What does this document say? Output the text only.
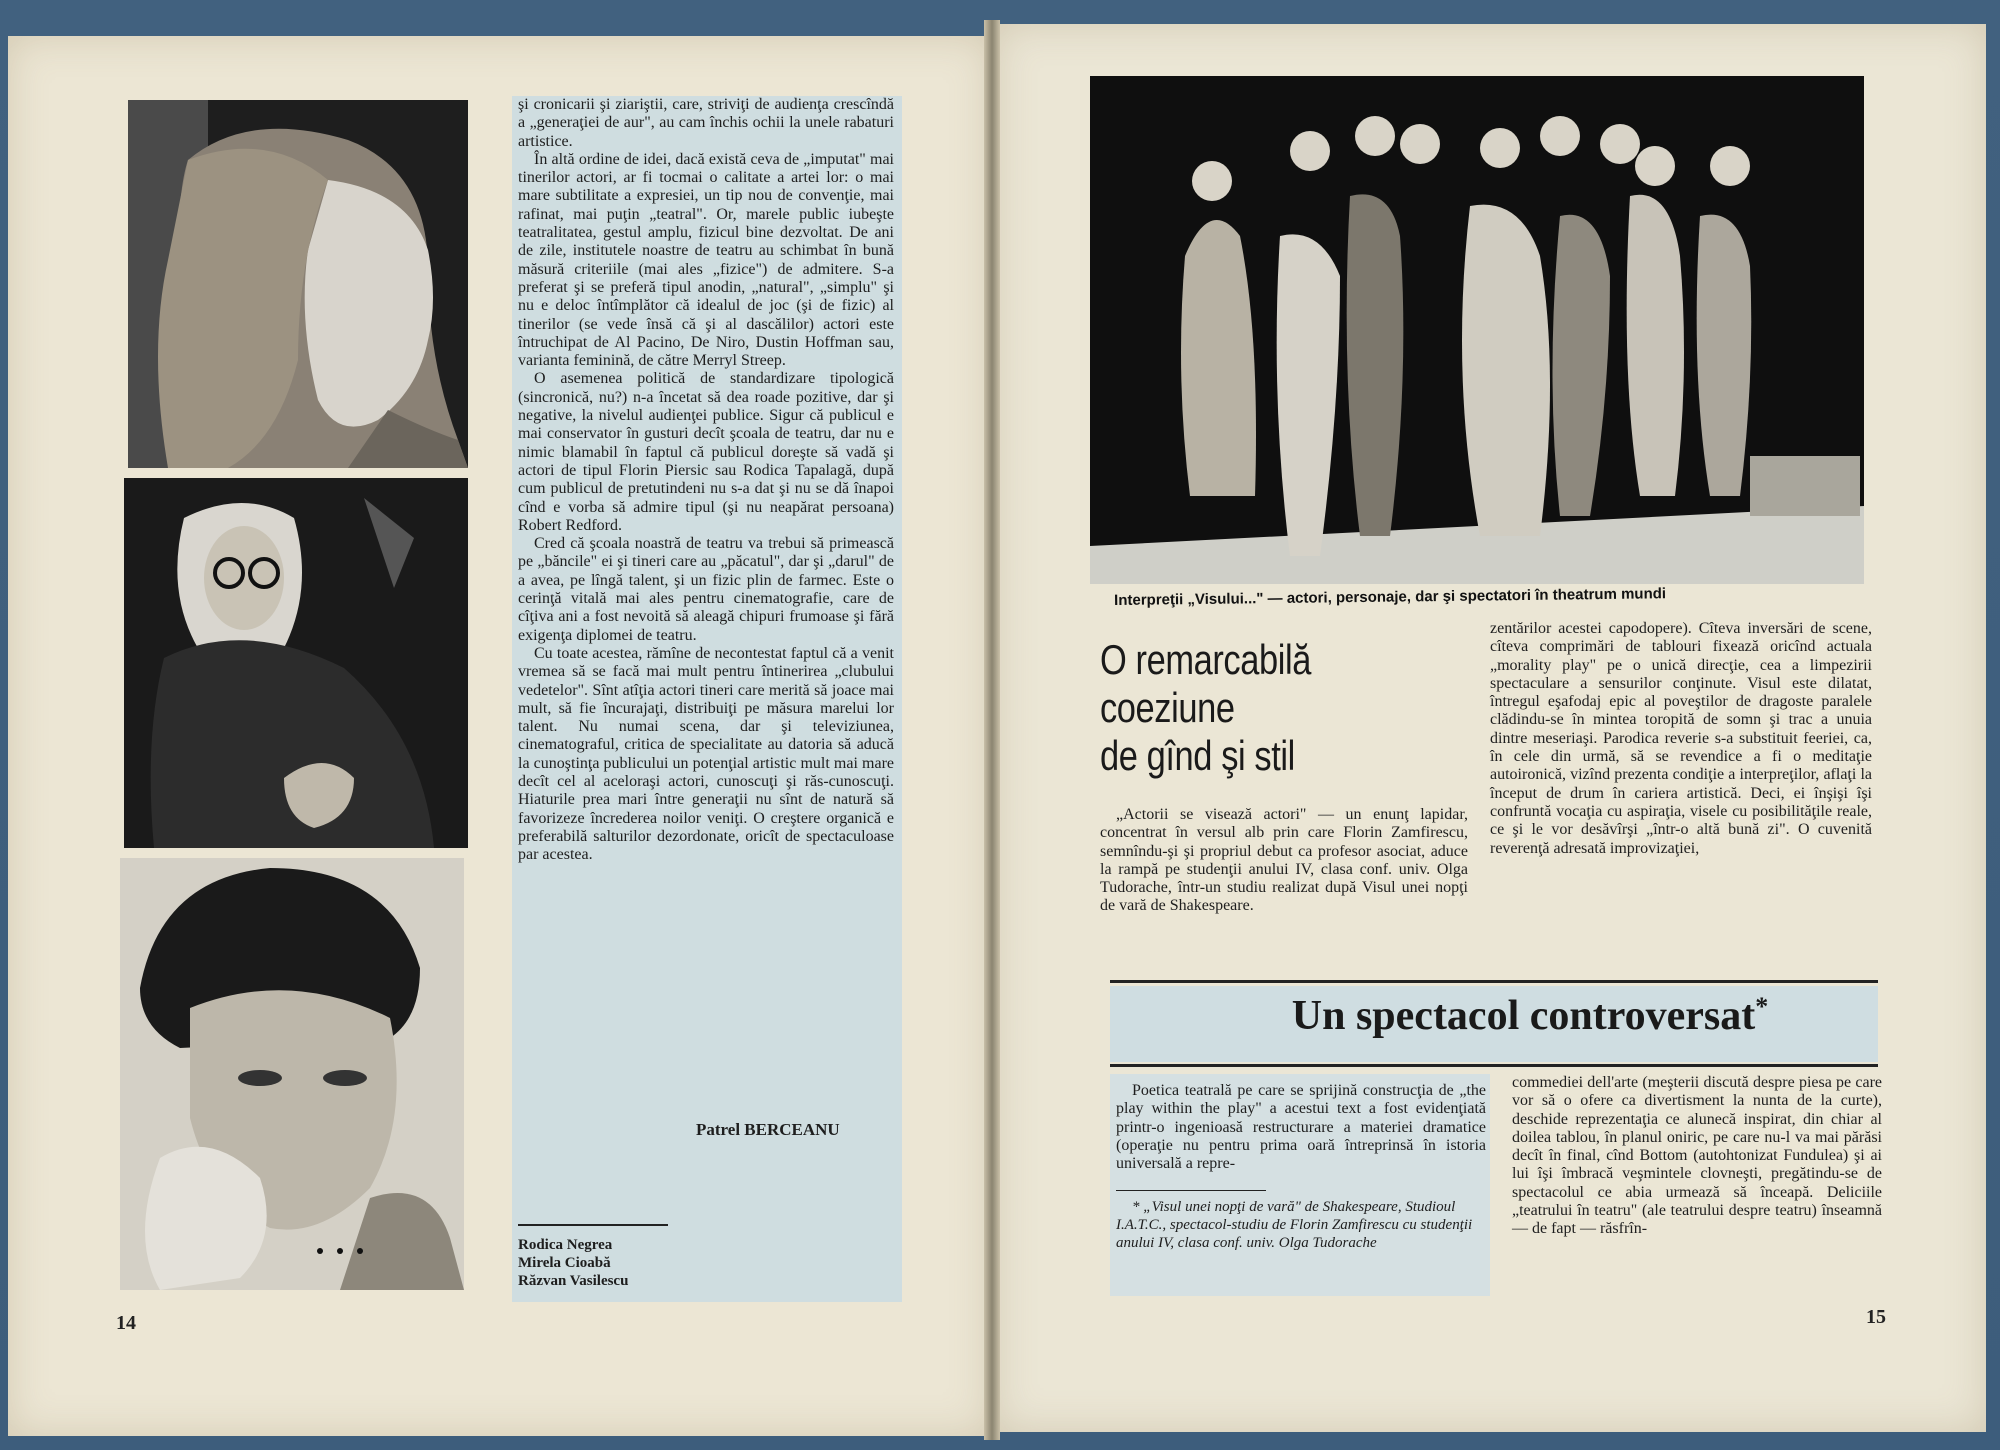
şi cronicarii şi ziariştii, care, striviţi de audienţa crescîndă a „generaţiei de aur", au cam închis ochii la unele rabaturi artistice.

În altă ordine de idei, dacă există ceva de „imputat" mai tinerilor actori, ar fi tocmai o calitate a artei lor: o mai mare subtilitate a expresiei, un tip nou de convenţie, mai rafinat, mai puţin „teatral". Or, marele public iubeşte teatralitatea, gestul amplu, fizicul bine dezvoltat. De ani de zile, institutele noastre de teatru au schimbat în bună măsură criteriile (mai ales „fizice") de admitere. S-a preferat şi se preferă tipul anodin, „natural", „simplu" şi nu e deloc întîmplător că idealul de joc (şi de fizic) al tinerilor (se vede însă că şi al dascălilor) actori este întruchipat de Al Pacino, De Niro, Dustin Hoffman sau, varianta feminină, de către Merryl Streep.

O asemenea politică de standardizare tipologică (sincronică, nu?) n-a încetat să dea roade pozitive, dar şi negative, la nivelul audienţei publice. Sigur că publicul e mai conservator în gusturi decît şcoala de teatru, dar nu e nimic blamabil în faptul că publicul doreşte să vadă şi actori de tipul Florin Piersic sau Rodica Tapalagă, după cum publicul de pretutindeni nu s-a dat şi nu se dă înapoi cînd e vorba să admire tipul (şi nu neapărat persoana) Robert Redford.

Cred că şcoala noastră de teatru va trebui să primească pe „băncile" ei şi tineri care au „păcatul", dar şi „darul" de a avea, pe lîngă talent, şi un fizic plin de farmec. Este o cerinţă vitală mai ales pentru cinematografie, care de cîţiva ani a fost nevoită să aleagă chipuri frumoase şi fără exigenţa diplomei de teatru.

Cu toate acestea, rămîne de necontestat faptul că a venit vremea să se facă mai mult pentru întinerirea „clubului vedetelor". Sînt atîţia actori tineri care merită să joace mai mult, să fie încurajaţi, distribuiţi pe măsura marelui lor talent. Nu numai scena, dar şi televiziunea, cinematograful, critica de specialitate au datoria să aducă la cunoştinţa publicului un potenţial artistic mult mai mare decît cel al aceloraşi actori, cunoscuţi şi răs-cunoscuţi. Hiaturile prea mari între generaţii nu sînt de natură să favorizeze încrederea noilor veniţi. O creştere organică e preferabilă salturilor dezordonate, oricît de spectaculoase par acestea.

Patrel BERCEANU
Rodica Negrea
Mirela Cioabă
Răzvan Vasilescu
14
Interpreţii „Visului..." — actori, personaje, dar şi spectatori în theatrum mundi
O remarcabilă
coeziune
de gînd şi stil

„Actorii se visează actori" — un enunţ lapidar, concentrat în versul alb prin care Florin Zamfirescu, semnîndu-şi şi propriul debut ca profesor asociat, aduce la rampă pe studenţii anului IV, clasa conf. univ. Olga Tudorache, într-un studiu realizat după Visul unei nopţi de vară de Shakespeare.

zentărilor acestei capodopere). Cîteva inversări de scene, cîteva comprimări de tablouri fixează oricînd actuala „morality play" pe o unică direcţie, cea a limpezirii spectaculare a sensurilor conţinute. Visul este dilatat, întregul eşafodaj epic al poveştilor de dragoste paralele clădindu-se în mintea toropită de somn şi trac a unuia dintre meseriaşi. Parodica reverie s-a substituit feeriei, ca, în cele din urmă, să se revendice a fi o meditaţie autoironică, vizînd prezenta condiţie a interpreţilor, aflaţi la început de drum în cariera artistică. Deci, ei înşişi îşi confruntă vocaţia cu aspiraţia, visele cu posibilităţile reale, ce şi le vor desăvîrşi „într-o altă bună zi". O cuvenită reverenţă adresată improvizaţiei,

Un spectacol controversat*

Poetica teatrală pe care se sprijină construcţia de „the play within the play" a acestui text a fost evidenţiată printr-o ingenioasă restructurare a materiei dramatice (operaţie nu pentru prima oară întreprinsă în istoria universală a repre-

* „Visul unei nopţi de vară" de Shakespeare, Studioul I.A.T.C., spectacol-studiu de Florin Zamfirescu cu studenţii anului IV, clasa conf. univ. Olga Tudorache

commediei dell'arte (meşterii discută despre piesa pe care vor să o ofere ca divertisment la nunta de la curte), deschide reprezentaţia ce alunecă inspirat, din chiar al doilea tablou, în planul oniric, pe care nu-l va mai părăsi decît în final, cînd Bottom (autohtonizat Fundulea) şi ai lui îşi îmbracă veşmintele clovneşti, pregătindu-se de spectacolul ce abia urmează să înceapă. Deliciile „teatrului în teatru" (ale teatrului despre teatru) înseamnă — de fapt — răsfrîn-

15
